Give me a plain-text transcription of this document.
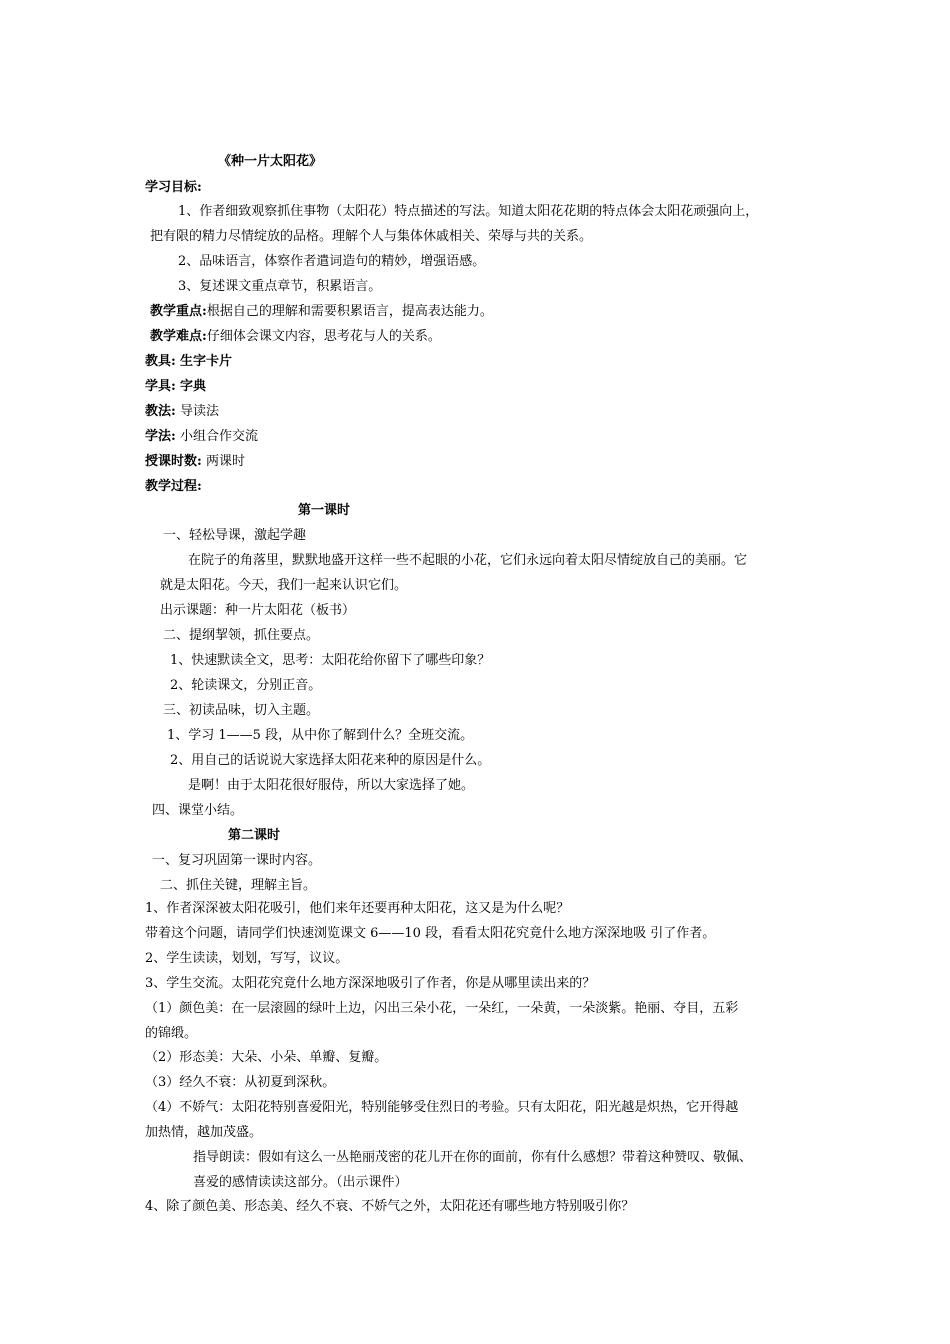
《种一片太阳花》
学习目标:
1、作者细致观察抓住事物（太阳花）特点描述的写法。知道太阳花花期的特点体会太阳花顽强向上，
把有限的精力尽情绽放的品格。理解个人与集体休戚相关、荣辱与共的关系。
2、品味语言，体察作者遣词造句的精妙，增强语感。
3、复述课文重点章节，积累语言。
教学重点:根据自己的理解和需要积累语言，提高表达能力。
教学难点:仔细体会课文内容，思考花与人的关系。
教具: 生字卡片
学具: 字典
教法: 导读法
学法: 小组合作交流
授课时数: 两课时
教学过程:
第一课时
一、轻松导课，激起学趣
在院子的角落里，默默地盛开这样一些不起眼的小花，它们永远向着太阳尽情绽放自己的美丽。它
就是太阳花。今天，我们一起来认识它们。
出示课题：种一片太阳花（板书）
二、提纲挈领，抓住要点。
1、快速默读全文，思考：太阳花给你留下了哪些印象？
2、轮读课文，分别正音。
三、初读品味，切入主题。
1、学习 1——5 段，从中你了解到什么？全班交流。
2、用自己的话说说大家选择太阳花来种的原因是什么。
是啊！由于太阳花很好服侍，所以大家选择了她。
四、课堂小结。
第二课时
一、复习巩固第一课时内容。
二、抓住关键，理解主旨。
1、作者深深被太阳花吸引，他们来年还要再种太阳花，这又是为什么呢？
带着这个问题，请同学们快速浏览课文 6——10 段，看看太阳花究竟什么地方深深地吸 引了作者。
2、学生读读，划划，写写，议议。
3、学生交流。太阳花究竟什么地方深深地吸引了作者，你是从哪里读出来的？
（1）颜色美：在一层滚圆的绿叶上边，闪出三朵小花，一朵红，一朵黄，一朵淡紫。艳丽、夺目，五彩
的锦缎。
（2）形态美：大朵、小朵、单瓣、复瓣。
（3）经久不衰：从初夏到深秋。
（4）不娇气：太阳花特别喜爱阳光，特别能够受住烈日的考验。只有太阳花，阳光越是炽热，它开得越
加热情，越加茂盛。
指导朗读：假如有这么一丛艳丽茂密的花儿开在你的面前，你有什么感想？带着这种赞叹、敬佩、
喜爱的感情读读这部分。（出示课件）
4、除了颜色美、形态美、经久不衰、不娇气之外，太阳花还有哪些地方特别吸引你？
